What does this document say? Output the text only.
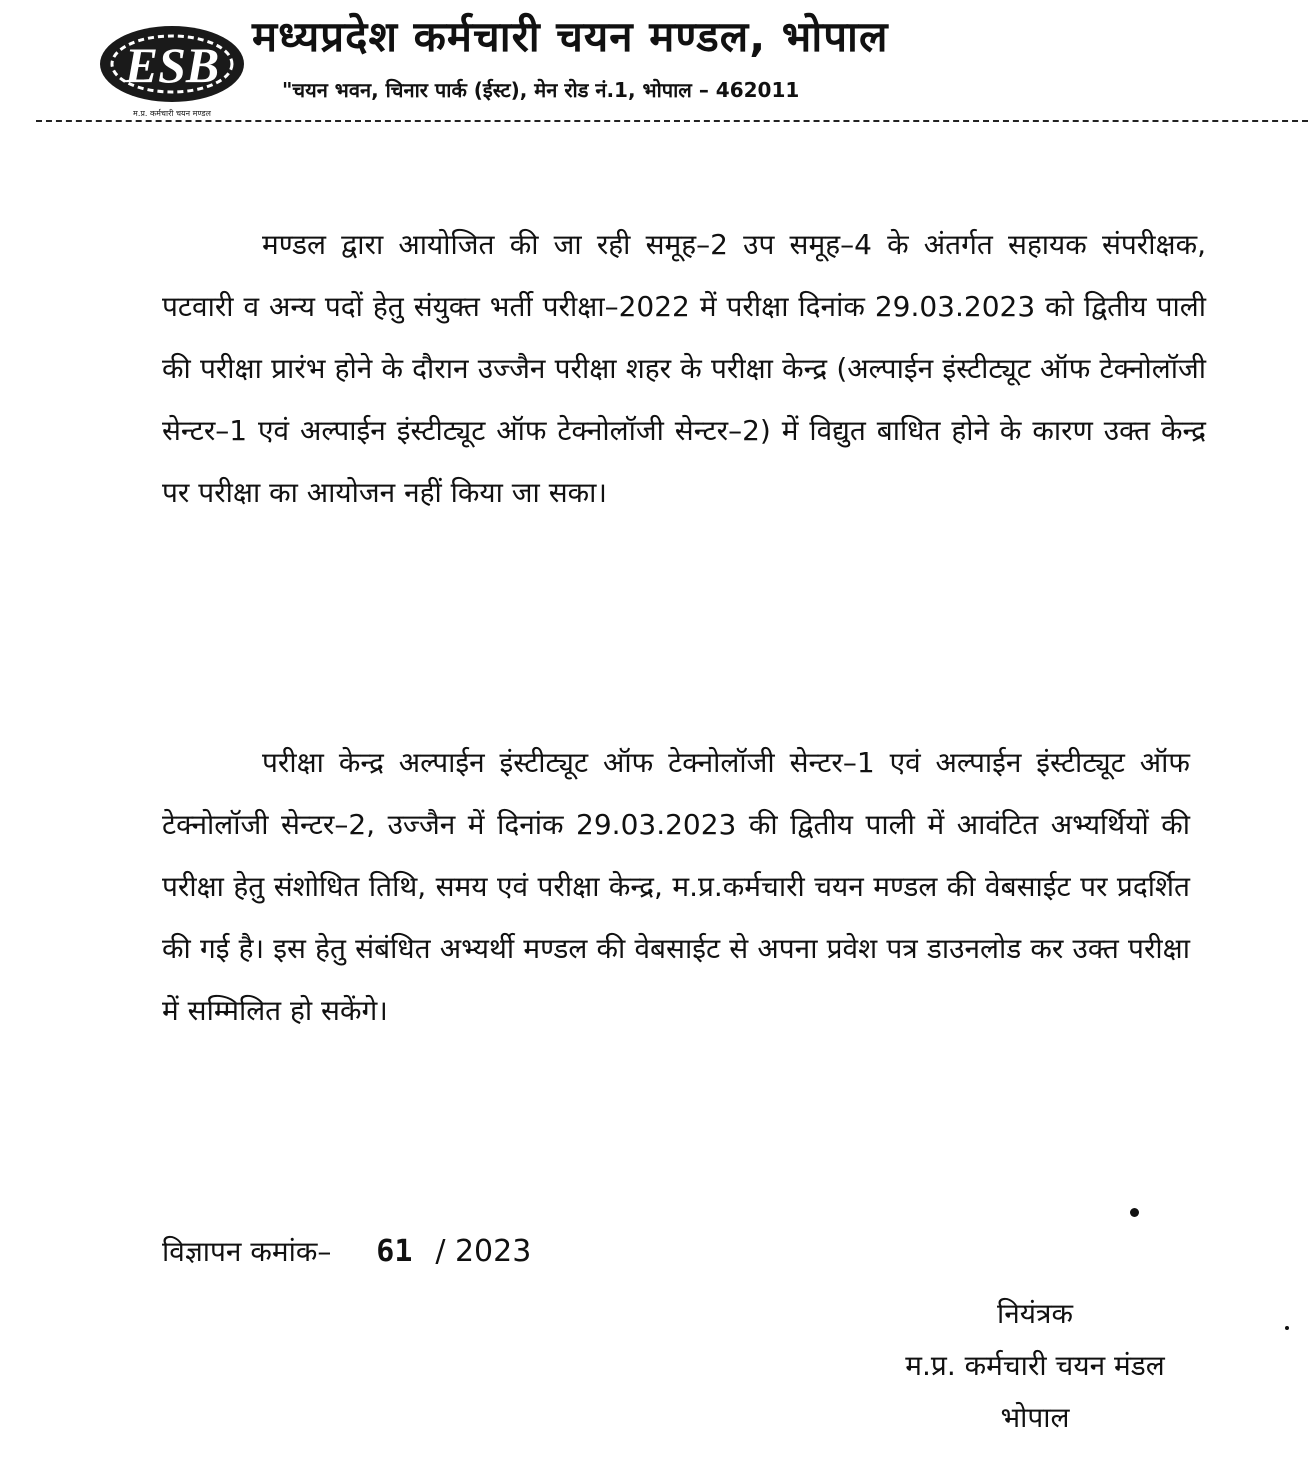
ESB
म.प्र. कर्मचारी चयन मण्डल
मध्यप्रदेश कर्मचारी चयन मण्डल, भोपाल
"चयन भवन, चिनार पार्क (ईस्ट), मेन रोड नं.1, भोपाल – 462011

मण्डल द्वारा आयोजित की जा रही समूह–2 उप समूह–4 के अंतर्गत सहायक संपरीक्षक, पटवारी व अन्य पदों हेतु संयुक्त भर्ती परीक्षा–2022 में परीक्षा दिनांक 29.03.2023 को द्वितीय पाली की परीक्षा प्रारंभ होने के दौरान उज्जैन परीक्षा शहर के परीक्षा केन्द्र (अल्पाईन इंस्टीट्यूट ऑफ टेक्नोलॉजी सेन्टर–1 एवं अल्पाईन इंस्टीट्यूट ऑफ टेक्नोलॉजी सेन्टर–2) में विद्युत बाधित होने के कारण उक्त केन्द्र पर परीक्षा का आयोजन नहीं किया जा सका।

परीक्षा केन्द्र अल्पाईन इंस्टीट्यूट ऑफ टेक्नोलॉजी सेन्टर–1 एवं अल्पाईन इंस्टीट्यूट ऑफ टेक्नोलॉजी सेन्टर–2, उज्जैन में दिनांक 29.03.2023 की द्वितीय पाली में आवंटित अभ्यर्थियों की परीक्षा हेतु संशोधित तिथि, समय एवं परीक्षा केन्द्र, म.प्र.कर्मचारी चयन मण्डल की वेबसाईट पर प्रदर्शित की गई है। इस हेतु संबंधित अभ्यर्थी मण्डल की वेबसाईट से अपना प्रवेश पत्र डाउनलोड कर उक्त परीक्षा में सम्मिलित हो सकेंगे।

विज्ञापन कमांक– 61 / 2023
नियंत्रक
म.प्र. कर्मचारी चयन मंडल
भोपाल
